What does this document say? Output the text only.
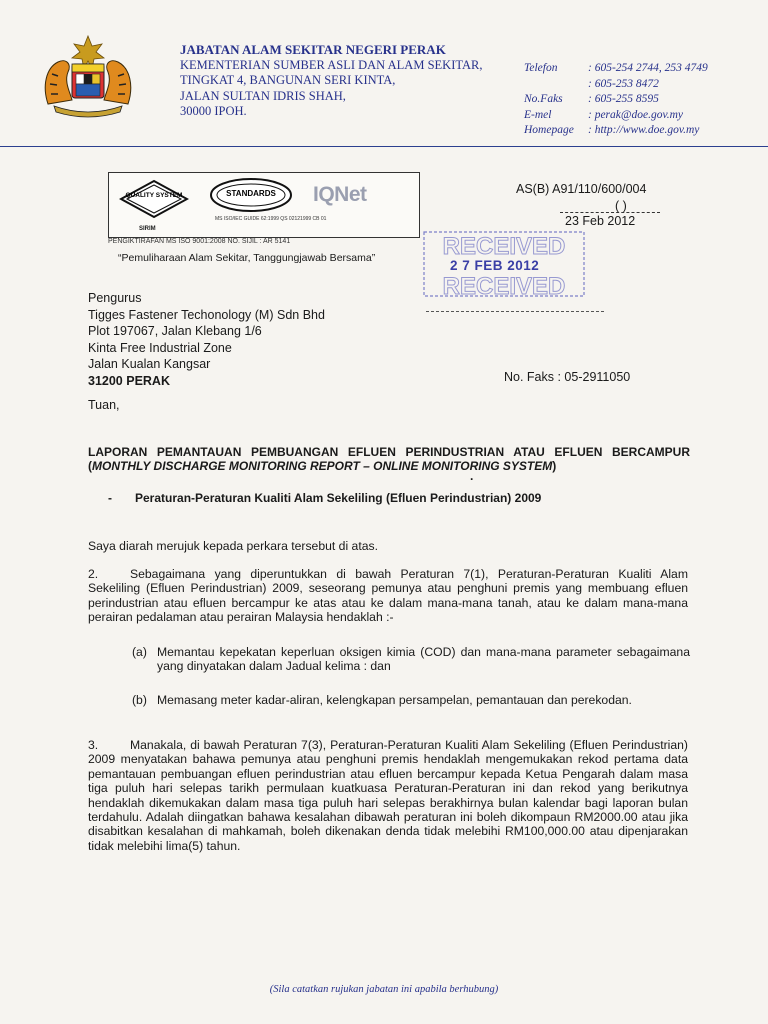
JABATAN ALAM SEKITAR NEGERI PERAK
KEMENTERIAN SUMBER ASLI DAN ALAM SEKITAR,
TINGKAT 4, BANGUNAN SERI KINTA,
JALAN SULTAN IDRIS SHAH,
30000 IPOH.
Telefon	: 605-254 2744, 253 4749
: 605-253 8472
No.Faks	: 605-255 8595
E-mel	: perak@doe.gov.my
Homepage	: http://www.doe.gov.my
QUALITY SYSTEM
SIRIM
STANDARDS
MS ISO/IEC GUIDE 62:1999 QS 02121999 CB 01
IQNet
PENGIKTIRAFAN MS ISO 9001:2008 NO. SIJIL : AR 5141
“Pemuliharaan Alam Sekitar, Tanggungjawab Bersama”
AS(B) A91/110/600/004
( )
23 Feb 2012
RECEIVED
RECEIVED
2 7 FEB 2012
Pengurus
Tigges Fastener Techonology (M) Sdn Bhd
Plot 197067, Jalan Klebang 1/6
Kinta Free Industrial Zone
Jalan Kualan Kangsar
31200 PERAK	No. Faks : 05-2911050
Tuan,
LAPORAN PEMANTAUAN PEMBUANGAN EFLUEN PERINDUSTRIAN ATAU EFLUEN BERCAMPUR (MONTHLY DISCHARGE MONITORING REPORT – ONLINE MONITORING SYSTEM)
·
- Peraturan-Peraturan Kualiti Alam Sekeliling (Efluen Perindustrian) 2009
Saya diarah merujuk kepada perkara tersebut di atas.
2.	Sebagaimana yang diperuntukkan di bawah Peraturan 7(1), Peraturan-Peraturan Kualiti Alam Sekeliling (Efluen Perindustrian) 2009, seseorang pemunya atau penghuni premis yang membuang efluen perindustrian atau efluen bercampur ke atas atau ke dalam mana-mana tanah, atau ke dalam mana-mana perairan pedalaman atau perairan Malaysia hendaklah :-
(a) Memantau kepekatan keperluan oksigen kimia (COD) dan mana-mana parameter sebagaimana yang dinyatakan dalam Jadual kelima : dan
(b) Memasang meter kadar-aliran, kelengkapan persampelan, pemantauan dan perekodan.
3.	Manakala, di bawah Peraturan 7(3), Peraturan-Peraturan Kualiti Alam Sekeliling (Efluen Perindustrian) 2009 menyatakan bahawa pemunya atau penghuni premis hendaklah mengemukakan rekod pertama data pemantauan pembuangan efluen perindustrian atau efluen bercampur kepada Ketua Pengarah dalam masa tiga puluh hari selepas tarikh permulaan kuatkuasa Peraturan-Peraturan ini dan rekod yang berikutnya hendaklah dikemukakan dalam masa tiga puluh hari selepas berakhirnya bulan kalendar bagi laporan bulan terdahulu. Adalah diingatkan bahawa kesalahan dibawah peraturan ini boleh dikompaun RM2000.00 atau jika disabitkan kesalahan di mahkamah, boleh dikenakan denda tidak melebihi RM100,000.00 atau dipenjarakan tidak melebihi lima(5) tahun.
(Sila catatkan rujukan jabatan ini apabila berhubung)
